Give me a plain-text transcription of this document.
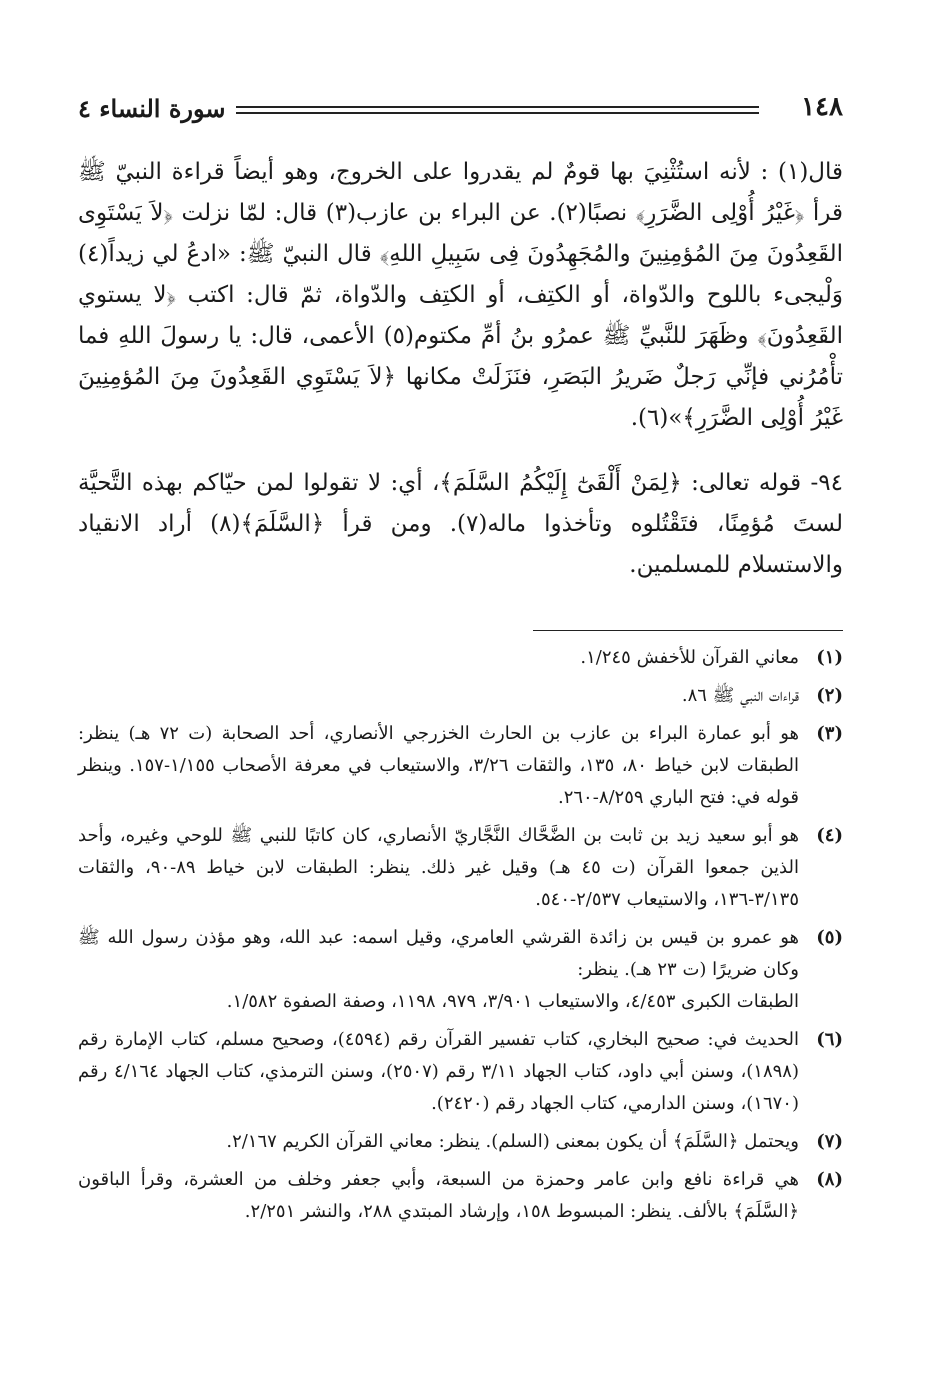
١٤٨
سورة النساء ٤

قال(١) : لأنه استُثْنِيَ بها قومٌ لم يقدروا على الخروج، وهو أيضاً قراءة النبيّ ﷺ قرأ ﴿غَيْرُ أُوْلِى الضَّرَرِ﴾ نصبًا(٢). عن البراء بن عازب(٣) قال: لمّا نزلت ﴿لاَ يَسْتَوِى القَعِدُونَ مِنَ المُؤمِنِينَ والمُجَهِدُونَ فِى سَبِيلِ اللهِ﴾ قال النبيّ ﷺ: «ادعُ لي زيداً(٤) وَلْيجىء باللوح والدّواة، أو الكتِف، أو الكتِف والدّواة، ثمّ قال: اكتب ﴿لا يستوي القَعِدُونَ﴾ وظَهَرَ للنَّبيِّ ﷺ عمرُو بنُ أمِّ مكتوم(٥) الأعمى، قال: يا رسولَ اللهِ فما تأْمُرُني فإنِّي رَجلٌ ضَريرُ البَصَرِ، فنَزَلَتْ مكانها ﴿لاَ يَسْتَوِي القَعِدُونَ مِنَ المُؤمِنِينَ غَيْرُ أُوْلِى الضَّرَرِ﴾»(٦).

٩٤- قوله تعالى: ﴿لِمَنْ أَلْقَىٰٓ إِلَيْكُمُ السَّلَمَ﴾، أي: لا تقولوا لمن حيّاكم بهذه التَّحيَّة لستَ مُؤمِنًا، فتَقْتُلوه وتأخذوا ماله(٧). ومن قرأ ﴿السَّلَمَ﴾(٨) أراد الانقياد والاستسلام للمسلمين.

(١)
معاني القرآن للأخفش ١/٢٤٥.
(٢)
قراءات النبي ﷺ ٨٦.
(٣)
هو أبو عمارة البراء بن عازب بن الحارث الخزرجي الأنصاري، أحد الصحابة (ت ٧٢ هـ) ينظر: الطبقات لابن خياط ٨٠، ١٣٥، والثقات ٣/٢٦، والاستيعاب في معرفة الأصحاب ١/١٥٥-١٥٧. وينظر قوله في: فتح الباري ٨/٢٥٩-٢٦٠.
(٤)
هو أبو سعيد زيد بن ثابت بن الضَّحَّاك النَّجَّاريّ الأنصاري، كان كاتبًا للنبي ﷺ للوحي وغيره، وأحد الذين جمعوا القرآن (ت ٤٥ هـ) وقيل غير ذلك. ينظر: الطبقات لابن خياط ٨٩-٩٠، والثقات ٣/١٣٥-١٣٦، والاستيعاب ٢/٥٣٧-٥٤٠.
(٥)
هو عمرو بن قيس بن زائدة القرشي العامري، وقيل اسمه: عبد الله، وهو مؤذن رسول الله ﷺ وكان ضريرًا (ت ٢٣ هـ). ينظر:
الطبقات الكبرى ٤/٤٥٣، والاستيعاب ٣/٩٠١، ٩٧٩، ١١٩٨، وصفة الصفوة ١/٥٨٢.
(٦)
الحديث في: صحيح البخاري، كتاب تفسير القرآن رقم (٤٥٩٤)، وصحيح مسلم، كتاب الإمارة رقم (١٨٩٨)، وسنن أبي داود، كتاب الجهاد ٣/١١ رقم (٢٥٠٧)، وسنن الترمذي، كتاب الجهاد ٤/١٦٤ رقم (١٦٧٠)، وسنن الدارمي، كتاب الجهاد رقم (٢٤٢٠).
(٧)
ويحتمل ﴿السَّلَمَ﴾ أن يكون بمعنى (السلم). ينظر: معاني القرآن الكريم ٢/١٦٧.
(٨)
هي قراءة نافع وابن عامر وحمزة من السبعة، وأبي جعفر وخلف من العشرة، وقرأ الباقون ﴿السَّلَمَ﴾ بالألف. ينظر: المبسوط ١٥٨، وإرشاد المبتدي ٢٨٨، والنشر ٢/٢٥١.
